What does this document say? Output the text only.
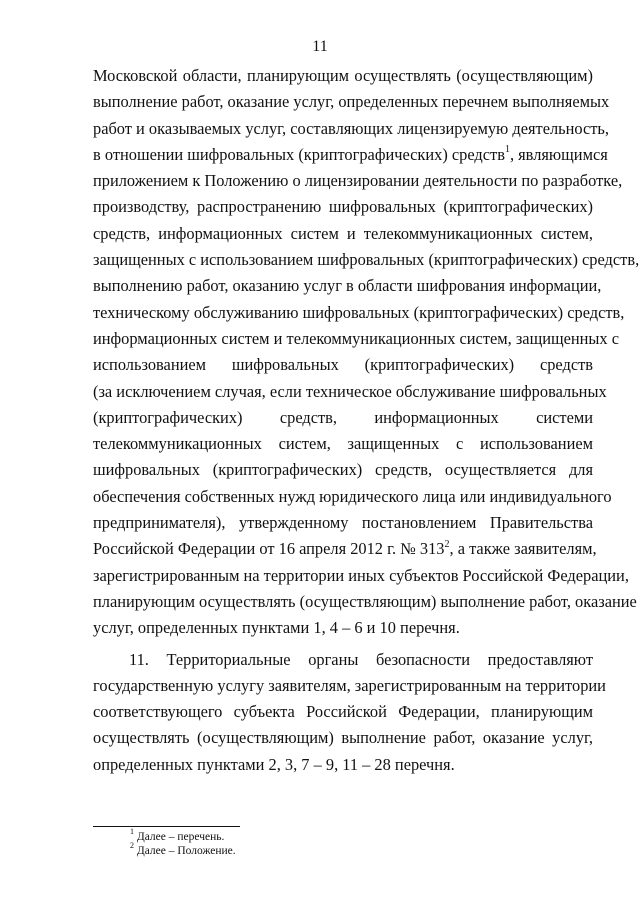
11
Московской области, планирующим осуществлять (осуществляющим)
выполнение работ, оказание услуг, определенных перечнем выполняемых
работ и оказываемых услуг, составляющих лицензируемую деятельность,
в отношении шифровальных (криптографических) средств$^1$, являющимся
приложением к Положению о лицензировании деятельности по разработке,
производству, распространению шифровальных (криптографических)
средств, информационных систем и телекоммуникационных систем,
защищенных с использованием шифровальных (криптографических) средств,
выполнению работ, оказанию услуг в области шифрования информации,
техническому обслуживанию шифровальных (криптографических) средств,
информационных систем и телекоммуникационных систем, защищенных с
использованием шифровальных (криптографических) средств
(за исключением случая, если техническое обслуживание шифровальных
(криптографических) средств, информационных системи
телекоммуникационных систем, защищенных с использованием
шифровальных (криптографических) средств, осуществляется для
обеспечения собственных нужд юридического лица или индивидуального
предпринимателя), утвержденному постановлением Правительства
Российской Федерации от 16 апреля 2012 г. № $313^2$, а также заявителям,
зарегистрированным на территории иных субъектов Российской Федерации,
планирующим осуществлять (осуществляющим) выполнение работ, оказание
услуг, определенных пунктами 1, 4 – 6 и 10 перечня.
11. Территориальные органы безопасности предоставляют
государственную услугу заявителям, зарегистрированным на территории
соответствующего субъекта Российской Федерации, планирующим
осуществлять (осуществляющим) выполнение работ, оказание услуг,
определенных пунктами 2, 3, 7 – 9, 11 – 28 перечня.
$^1$ Далее – перечень.
$^2$ Далее – Положение.
